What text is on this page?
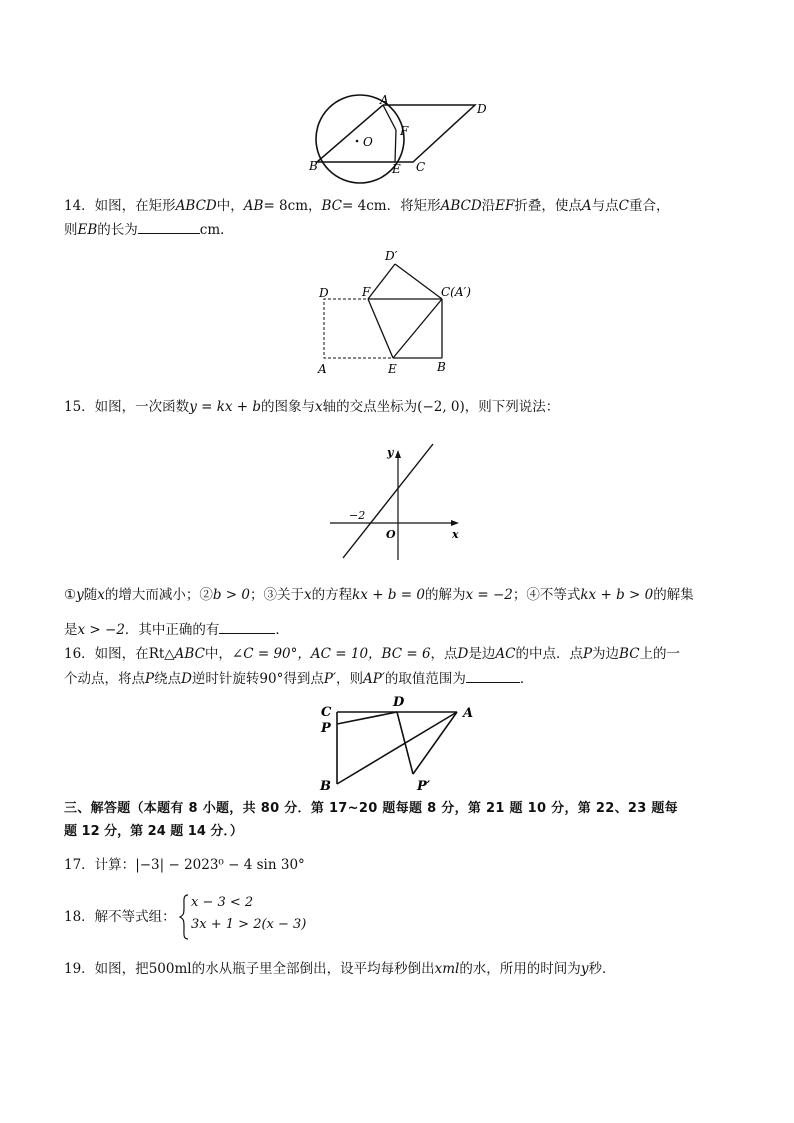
A
D
F
O
B	E C
14．如图，在矩形ABCD中，AB= 8cm，BC= 4cm．将矩形ABCD沿EF折叠，使点A与点C重合，
则EB的长为	cm．
D′
D	F	C(A′)
A	E	B
15．如图，一次函数y = kx + b的图象与x轴的交点坐标为(−2, 0)，则下列说法：
y
x
−2
O
①y随x的增大而减小；②b > 0；③关于x的方程kx + b = 0的解为x = −2；④不等式kx + b > 0的解集
是x > −2．其中正确的有	．
16．如图，在Rt△ABC中，∠C = 90°，AC = 10，BC = 6，点D是边AC的中点．点P为边BC上的一
个动点，将点P绕点D逆时针旋转90°得到点P′，则AP′的取值范围为	．
C
D
A
P
B	P′
三、解答题（本题有 8 小题，共 80 分．第 17~20 题每题 8 分，第 21 题 10 分，第 22、23 题每
题 12 分，第 24 题 14 分．）
17．计算：|−3| − 2023⁰ − 4 sin 30°
18．解不等式组：
x − 3 < 2
3x + 1 > 2(x − 3)
19．如图，把500ml的水从瓶子里全部倒出，设平均每秒倒出xml的水，所用的时间为y秒．
